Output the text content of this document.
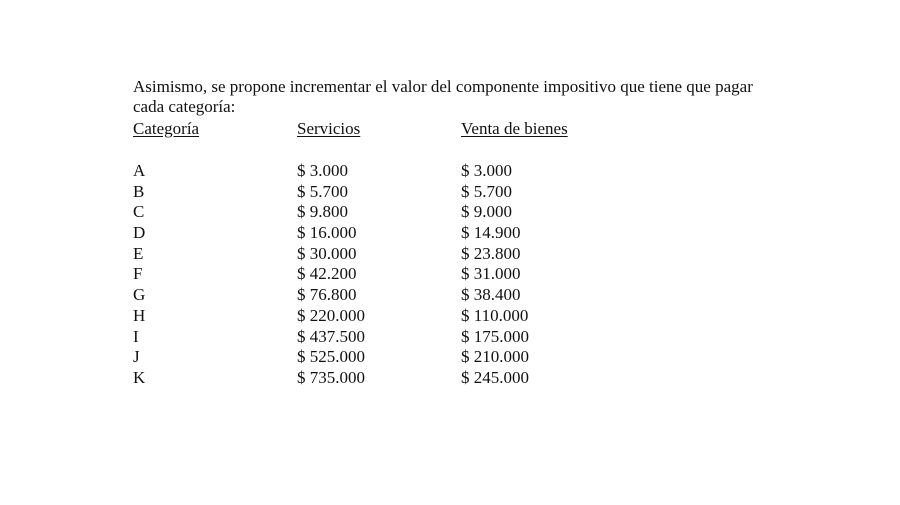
Asimismo, se propone incrementar el valor del componente impositivo que tiene que pagar cada categoría:

Categoría	Servicios	Venta de bienes
A
B
C
D
E
F
G
H
I
J
K
$ 3.000
$ 5.700
$ 9.800
$ 16.000
$ 30.000
$ 42.200
$ 76.800
$ 220.000
$ 437.500
$ 525.000
$ 735.000
$ 3.000
$ 5.700
$ 9.000
$ 14.900
$ 23.800
$ 31.000
$ 38.400
$ 110.000
$ 175.000
$ 210.000
$ 245.000
